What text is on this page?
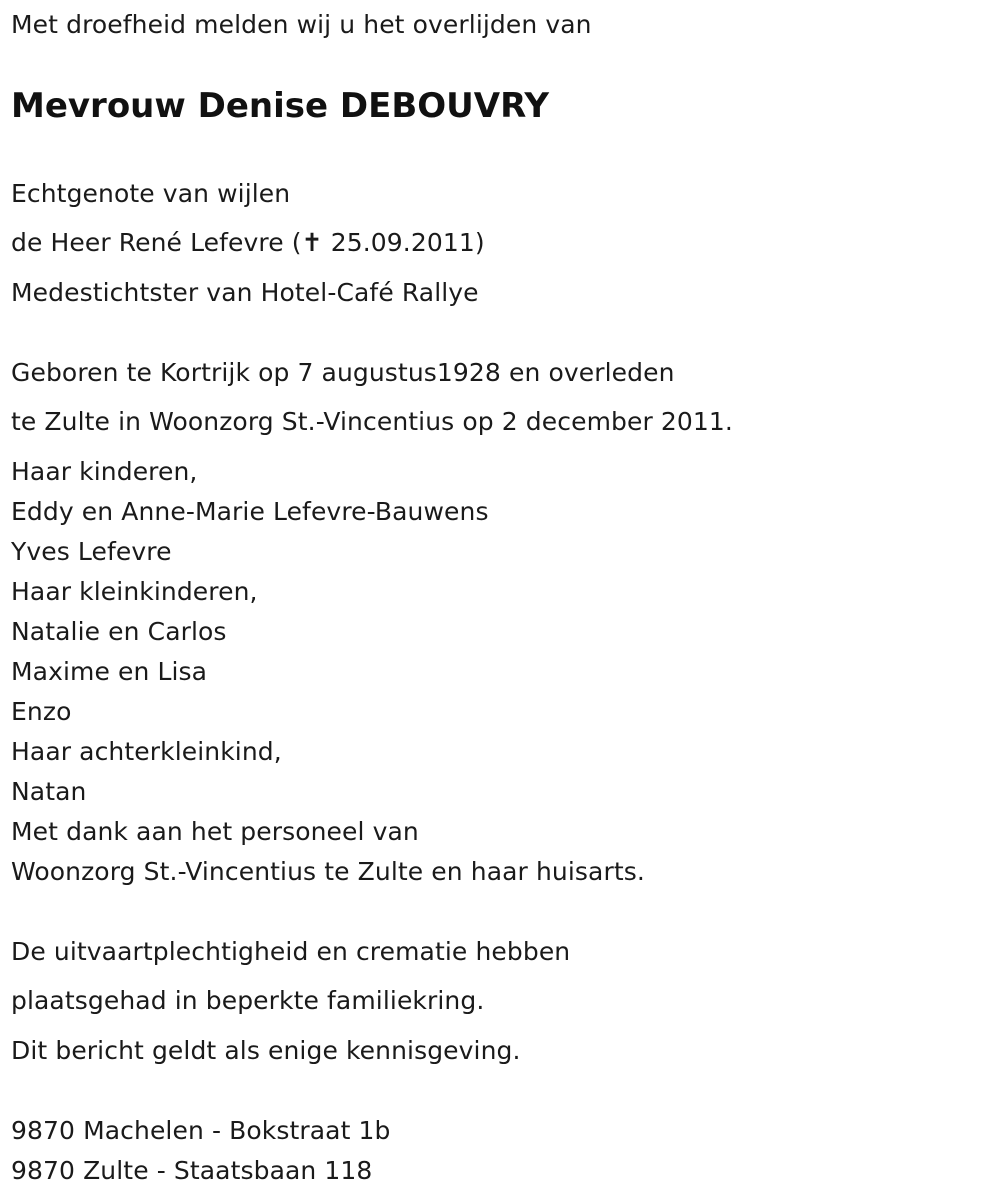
Met droefheid melden wij u het overlijden van
Mevrouw Denise DEBOUVRY
Echtgenote van wijlen
de Heer René Lefevre (✝ 25.09.2011)
Medestichtster van Hotel-Café Rallye
Geboren te Kortrijk op 7 augustus1928 en overleden
te Zulte in Woonzorg St.-Vincentius op 2 december 2011.
Haar kinderen,
Eddy en Anne-Marie Lefevre-Bauwens
Yves Lefevre
Haar kleinkinderen,
Natalie en Carlos
Maxime en Lisa
Enzo
Haar achterkleinkind,
Natan
Met dank aan het personeel van
Woonzorg St.-Vincentius te Zulte en haar huisarts.
De uitvaartplechtigheid en crematie hebben
plaatsgehad in beperkte familiekring.
Dit bericht geldt als enige kennisgeving.
9870 Machelen - Bokstraat 1b
9870 Zulte - Staatsbaan 118
